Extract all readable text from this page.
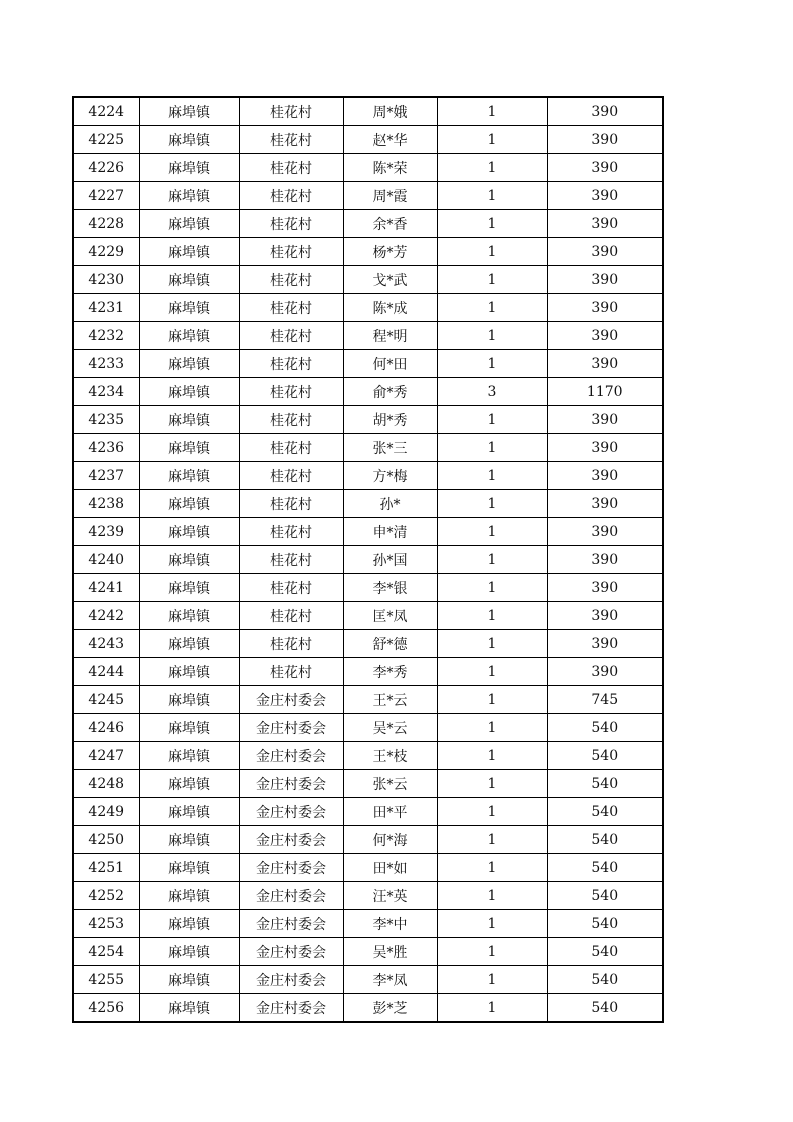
4224	麻埠镇	桂花村	周*娥	1	390
4225	麻埠镇	桂花村	赵*华	1	390
4226	麻埠镇	桂花村	陈*荣	1	390
4227	麻埠镇	桂花村	周*霞	1	390
4228	麻埠镇	桂花村	余*香	1	390
4229	麻埠镇	桂花村	杨*芳	1	390
4230	麻埠镇	桂花村	戈*武	1	390
4231	麻埠镇	桂花村	陈*成	1	390
4232	麻埠镇	桂花村	程*明	1	390
4233	麻埠镇	桂花村	何*田	1	390
4234	麻埠镇	桂花村	俞*秀	3	1170
4235	麻埠镇	桂花村	胡*秀	1	390
4236	麻埠镇	桂花村	张*三	1	390
4237	麻埠镇	桂花村	方*梅	1	390
4238	麻埠镇	桂花村	孙*	1	390
4239	麻埠镇	桂花村	申*清	1	390
4240	麻埠镇	桂花村	孙*国	1	390
4241	麻埠镇	桂花村	李*银	1	390
4242	麻埠镇	桂花村	匡*凤	1	390
4243	麻埠镇	桂花村	舒*德	1	390
4244	麻埠镇	桂花村	李*秀	1	390
4245	麻埠镇	金庄村委会	王*云	1	745
4246	麻埠镇	金庄村委会	吴*云	1	540
4247	麻埠镇	金庄村委会	王*枝	1	540
4248	麻埠镇	金庄村委会	张*云	1	540
4249	麻埠镇	金庄村委会	田*平	1	540
4250	麻埠镇	金庄村委会	何*海	1	540
4251	麻埠镇	金庄村委会	田*如	1	540
4252	麻埠镇	金庄村委会	汪*英	1	540
4253	麻埠镇	金庄村委会	李*中	1	540
4254	麻埠镇	金庄村委会	吴*胜	1	540
4255	麻埠镇	金庄村委会	李*凤	1	540
4256	麻埠镇	金庄村委会	彭*芝	1	540
